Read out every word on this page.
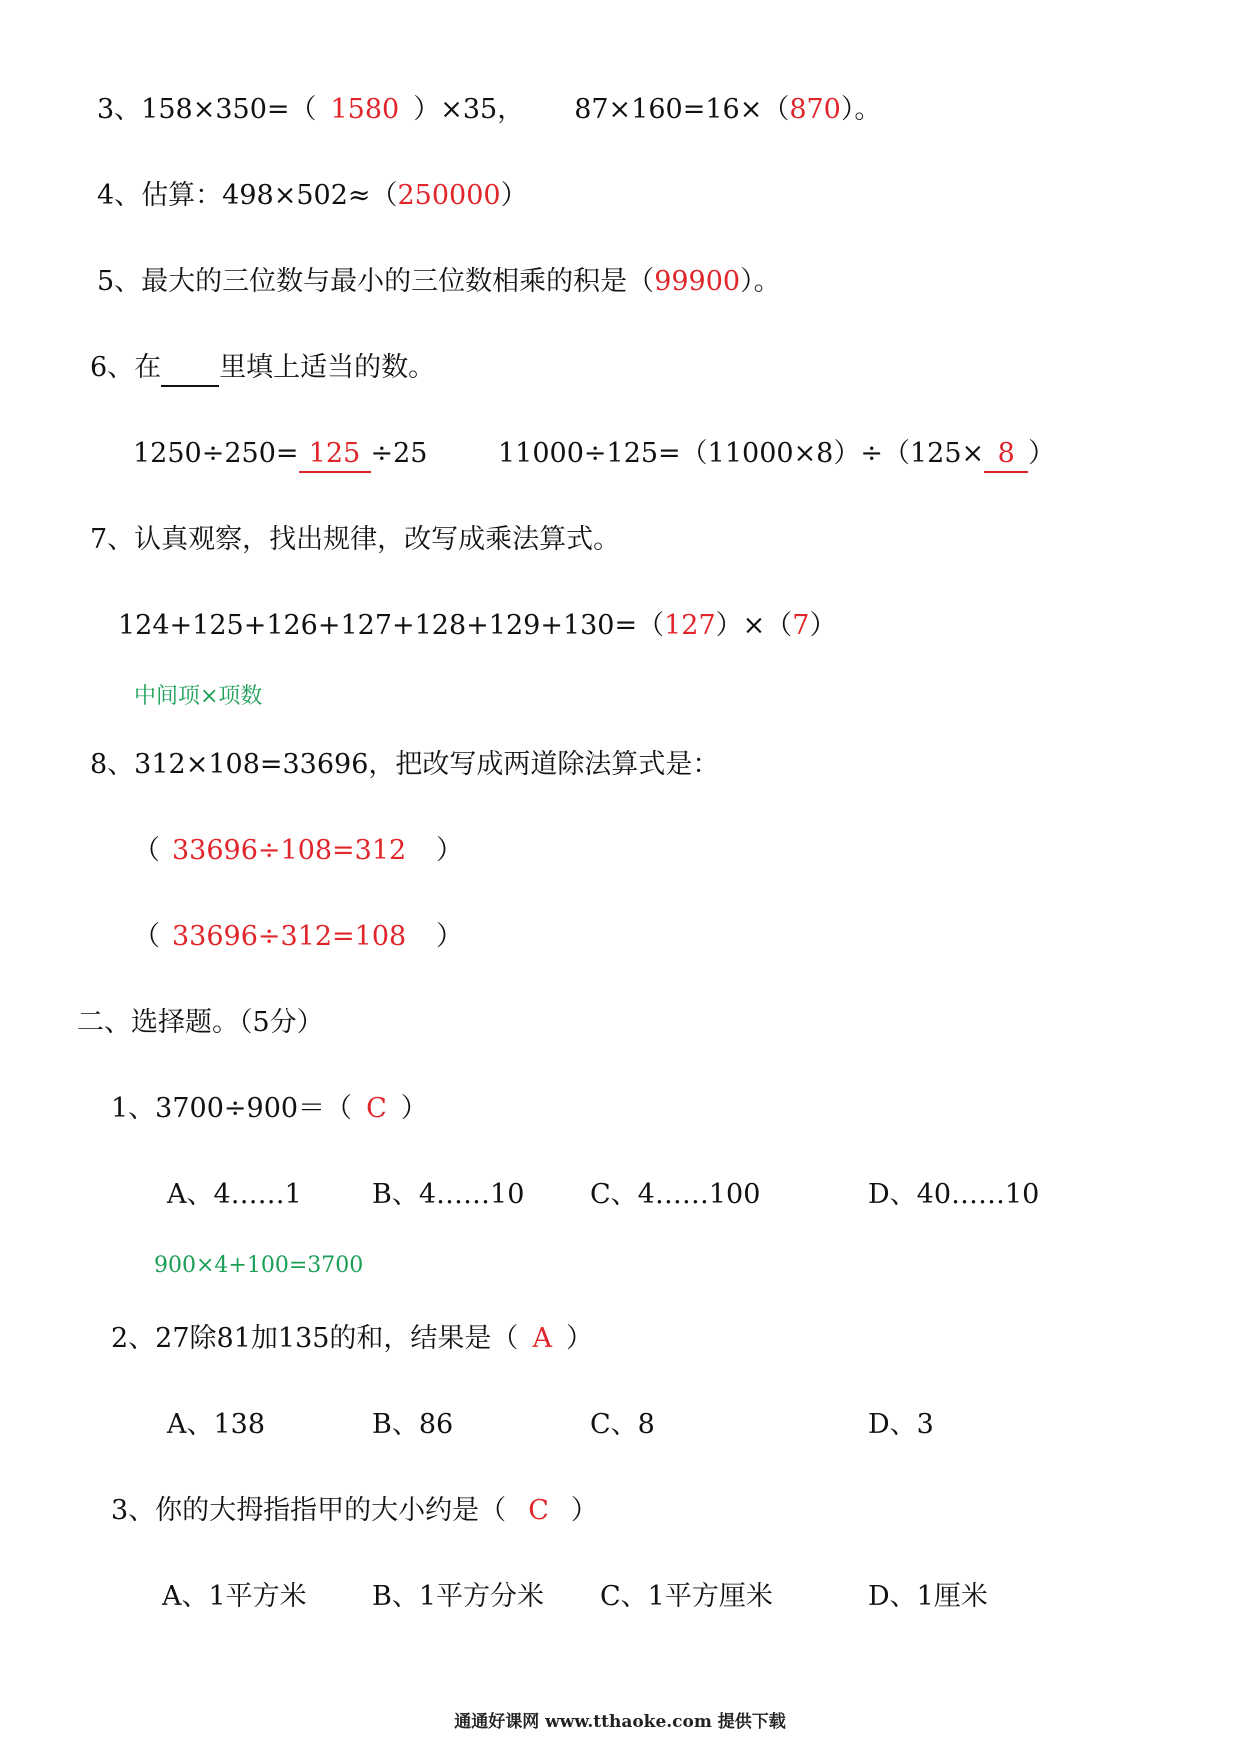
3、158×350=（ 1580 ）×35， 87×160=16×（870）。
4、估算：498×502≈（250000）
5、最大的三位数与最小的三位数相乘的积是（99900）。
6、在 里填上适当的数。
1250÷250= 125 ÷25	11000÷125=（11000×8）÷（125× 8 ）
7、认真观察，找出规律，改写成乘法算式。
124+125+126+127+128+129+130=（127）×（7）
中间项×项数
8、312×108=33696，把改写成两道除法算式是：
（ 33696÷108=312 ）
（ 33696÷312=108 ）
二、选择题。（5分）
1、3700÷900＝（ C ）
A、4……1	B、4……10 C、4……100	D、40……10
900×4+100=3700
2、27除81加135的和，结果是（ A ）
A、138	B、86	C、8	D、3
3、你的大拇指指甲的大小约是（ C ）
A、1平方米 B、1平方分米 C、1平方厘米	D、1厘米
通通好课网 www.tthaoke.com 提供下载
